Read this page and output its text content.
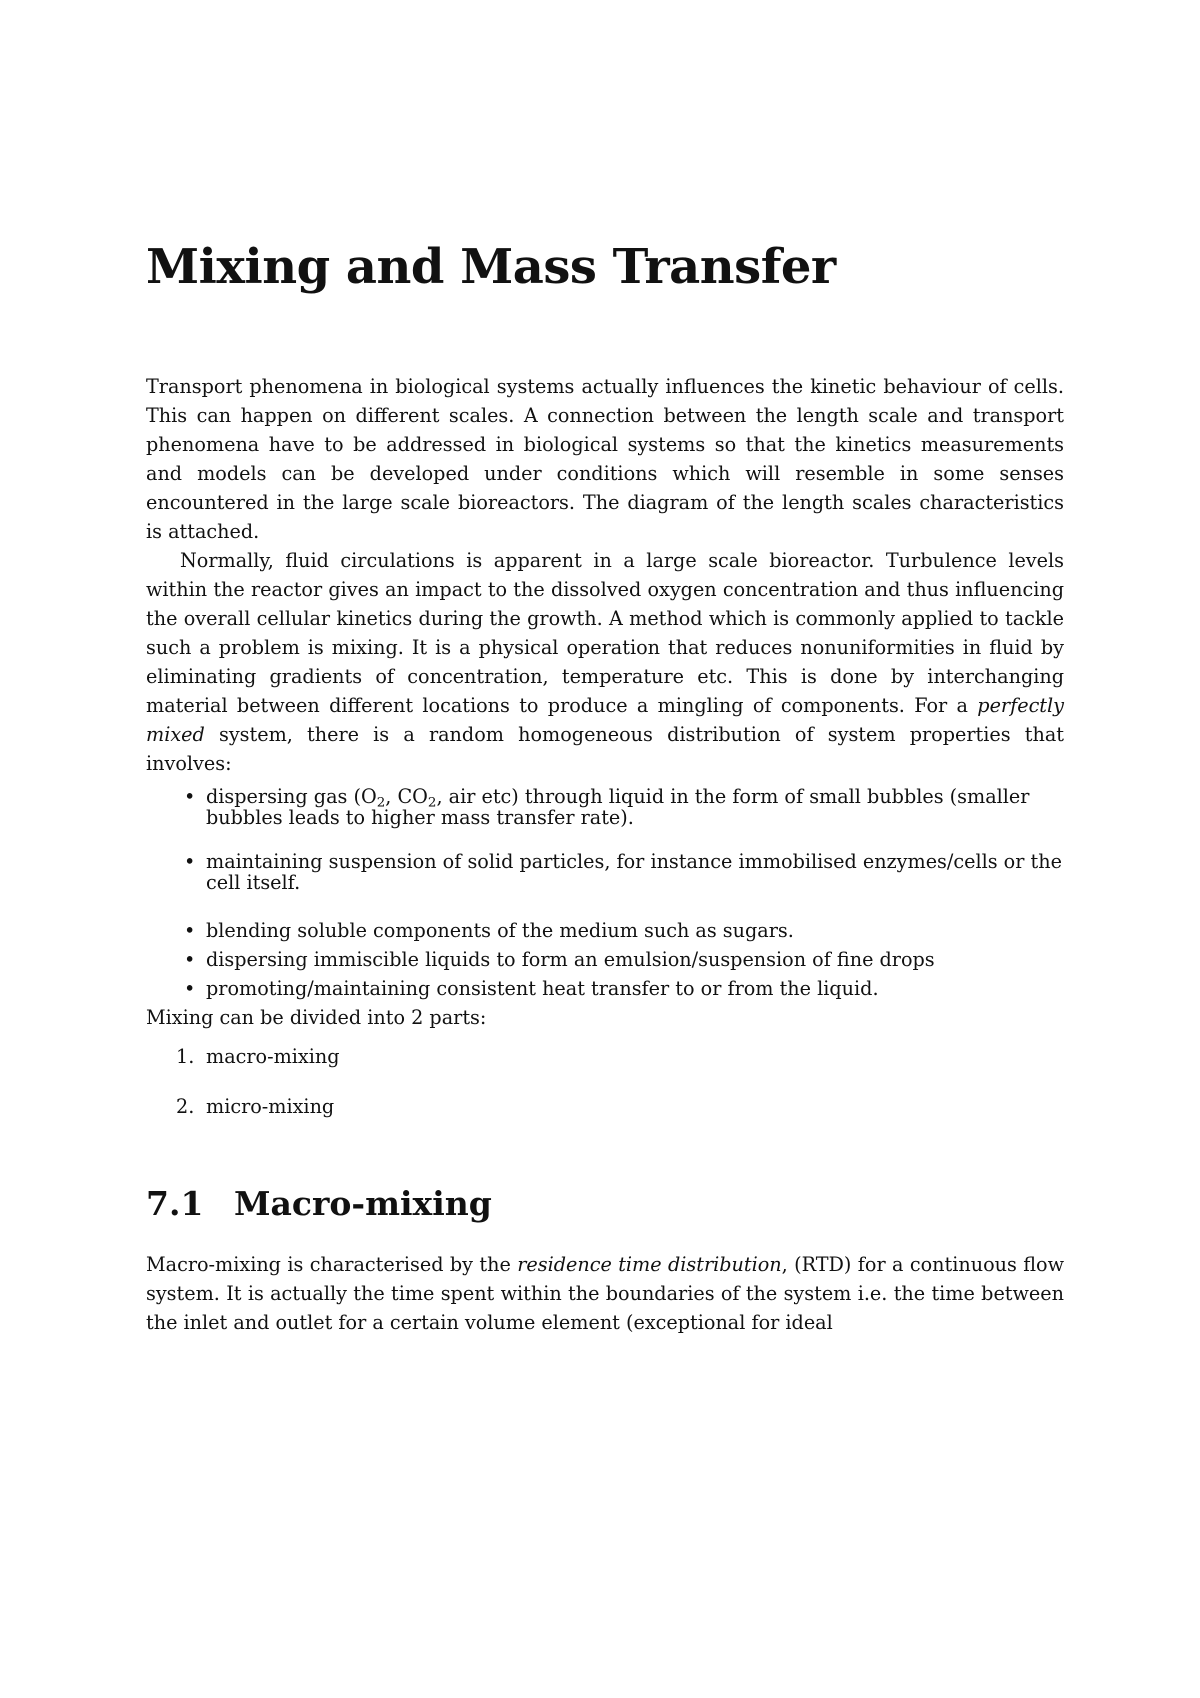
Mixing and Mass Transfer

Transport phenomena in biological systems actually influences the kinetic behaviour of cells. This can happen on different scales. A connection between the length scale and transport phenomena have to be addressed in biological systems so that the kinetics measurements and models can be developed under conditions which will resemble in some senses encountered in the large scale bioreactors. The diagram of the length scales characteristics is attached.

Normally, fluid circulations is apparent in a large scale bioreactor. Turbulence levels within the reactor gives an impact to the dissolved oxygen concentration and thus influencing the overall cellular kinetics during the growth. A method which is commonly applied to tackle such a problem is mixing. It is a physical operation that reduces nonuniformities in fluid by eliminating gradients of concentration, temperature etc. This is done by interchanging material between different locations to produce a mingling of components. For a perfectly mixed system, there is a random homogeneous distribution of system properties that involves:

• dispersing gas ($O_2$, $CO_2$, air etc) through liquid in the form of small bubbles (smaller bubbles leads to higher mass transfer rate).
• maintaining suspension of solid particles, for instance immobilised enzymes/cells or the cell itself.
• blending soluble components of the medium such as sugars.
• dispersing immiscible liquids to form an emulsion/suspension of fine drops
• promoting/maintaining consistent heat transfer to or from the liquid.

Mixing can be divided into 2 parts:

1. macro-mixing
2. micro-mixing
7.1 Macro-mixing

Macro-mixing is characterised by the residence time distribution, (RTD) for a continuous flow system. It is actually the time spent within the boundaries of the system i.e. the time between the inlet and outlet for a certain volume element (exceptional for ideal
